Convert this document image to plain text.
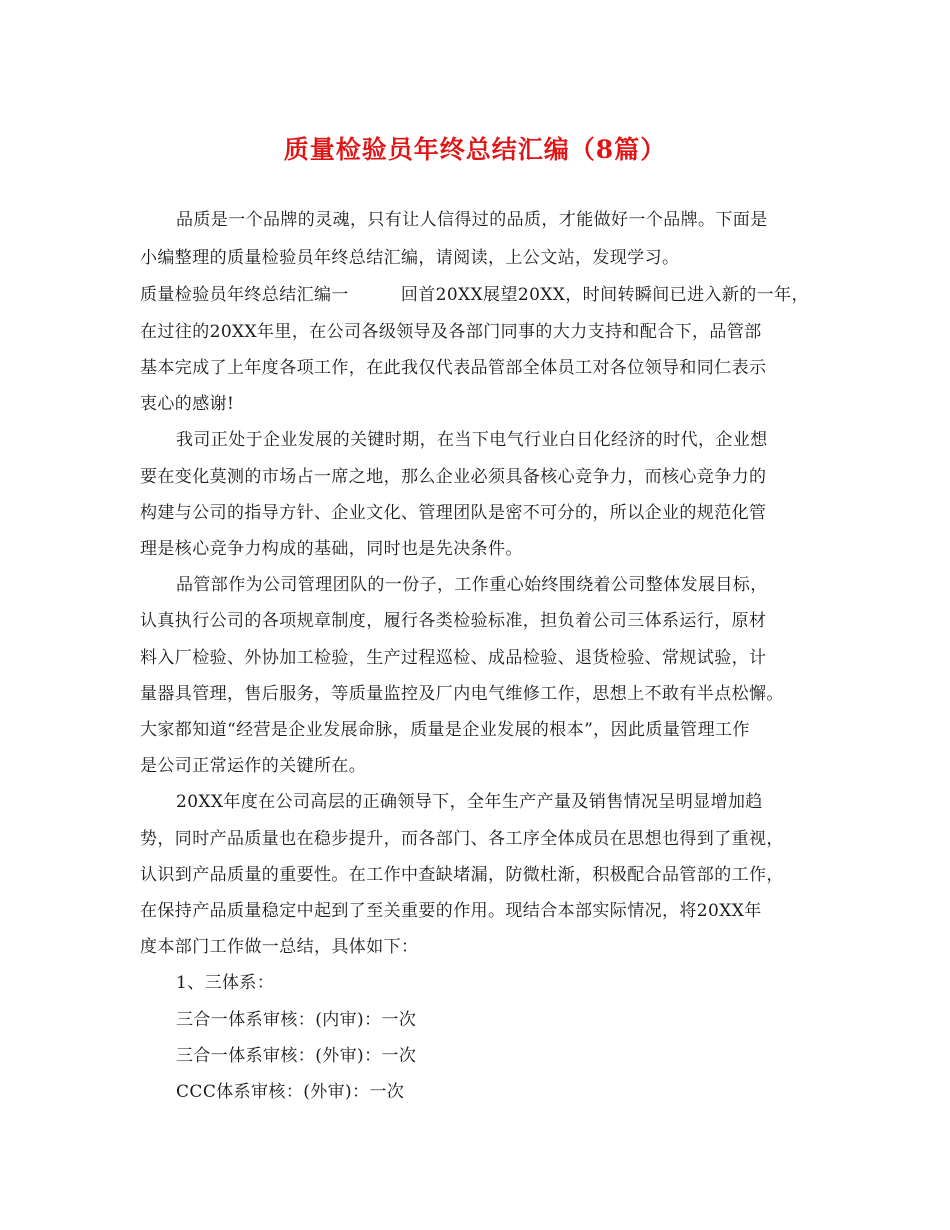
质量检验员年终总结汇编（8篇）
品质是一个品牌的灵魂，只有让人信得过的品质，才能做好一个品牌。下面是
小编整理的质量检验员年终总结汇编，请阅读，上公文站，发现学习。
质量检验员年终总结汇编一	回首20XX展望20XX，时间转瞬间已进入新的一年，
在过往的20XX年里，在公司各级领导及各部门同事的大力支持和配合下，品管部
基本完成了上年度各项工作，在此我仅代表品管部全体员工对各位领导和同仁表示
衷心的感谢!
我司正处于企业发展的关键时期，在当下电气行业白日化经济的时代，企业想
要在变化莫测的市场占一席之地，那么企业必须具备核心竞争力，而核心竞争力的
构建与公司的指导方针、企业文化、管理团队是密不可分的，所以企业的规范化管
理是核心竞争力构成的基础，同时也是先决条件。
品管部作为公司管理团队的一份子，工作重心始终围绕着公司整体发展目标，
认真执行公司的各项规章制度，履行各类检验标准，担负着公司三体系运行，原材
料入厂检验、外协加工检验，生产过程巡检、成品检验、退货检验、常规试验，计
量器具管理，售后服务，等质量监控及厂内电气维修工作，思想上不敢有半点松懈。
大家都知道“经营是企业发展命脉，质量是企业发展的根本”，因此质量管理工作
是公司正常运作的关键所在。
20XX年度在公司高层的正确领导下，全年生产产量及销售情况呈明显增加趋
势，同时产品质量也在稳步提升，而各部门、各工序全体成员在思想也得到了重视，
认识到产品质量的重要性。在工作中查缺堵漏，防微杜渐，积极配合品管部的工作，
在保持产品质量稳定中起到了至关重要的作用。现结合本部实际情况，将20XX年
度本部门工作做一总结，具体如下：
1、三体系：
三合一体系审核：(内审)：一次
三合一体系审核：(外审)：一次
CCC体系审核：(外审)：一次
